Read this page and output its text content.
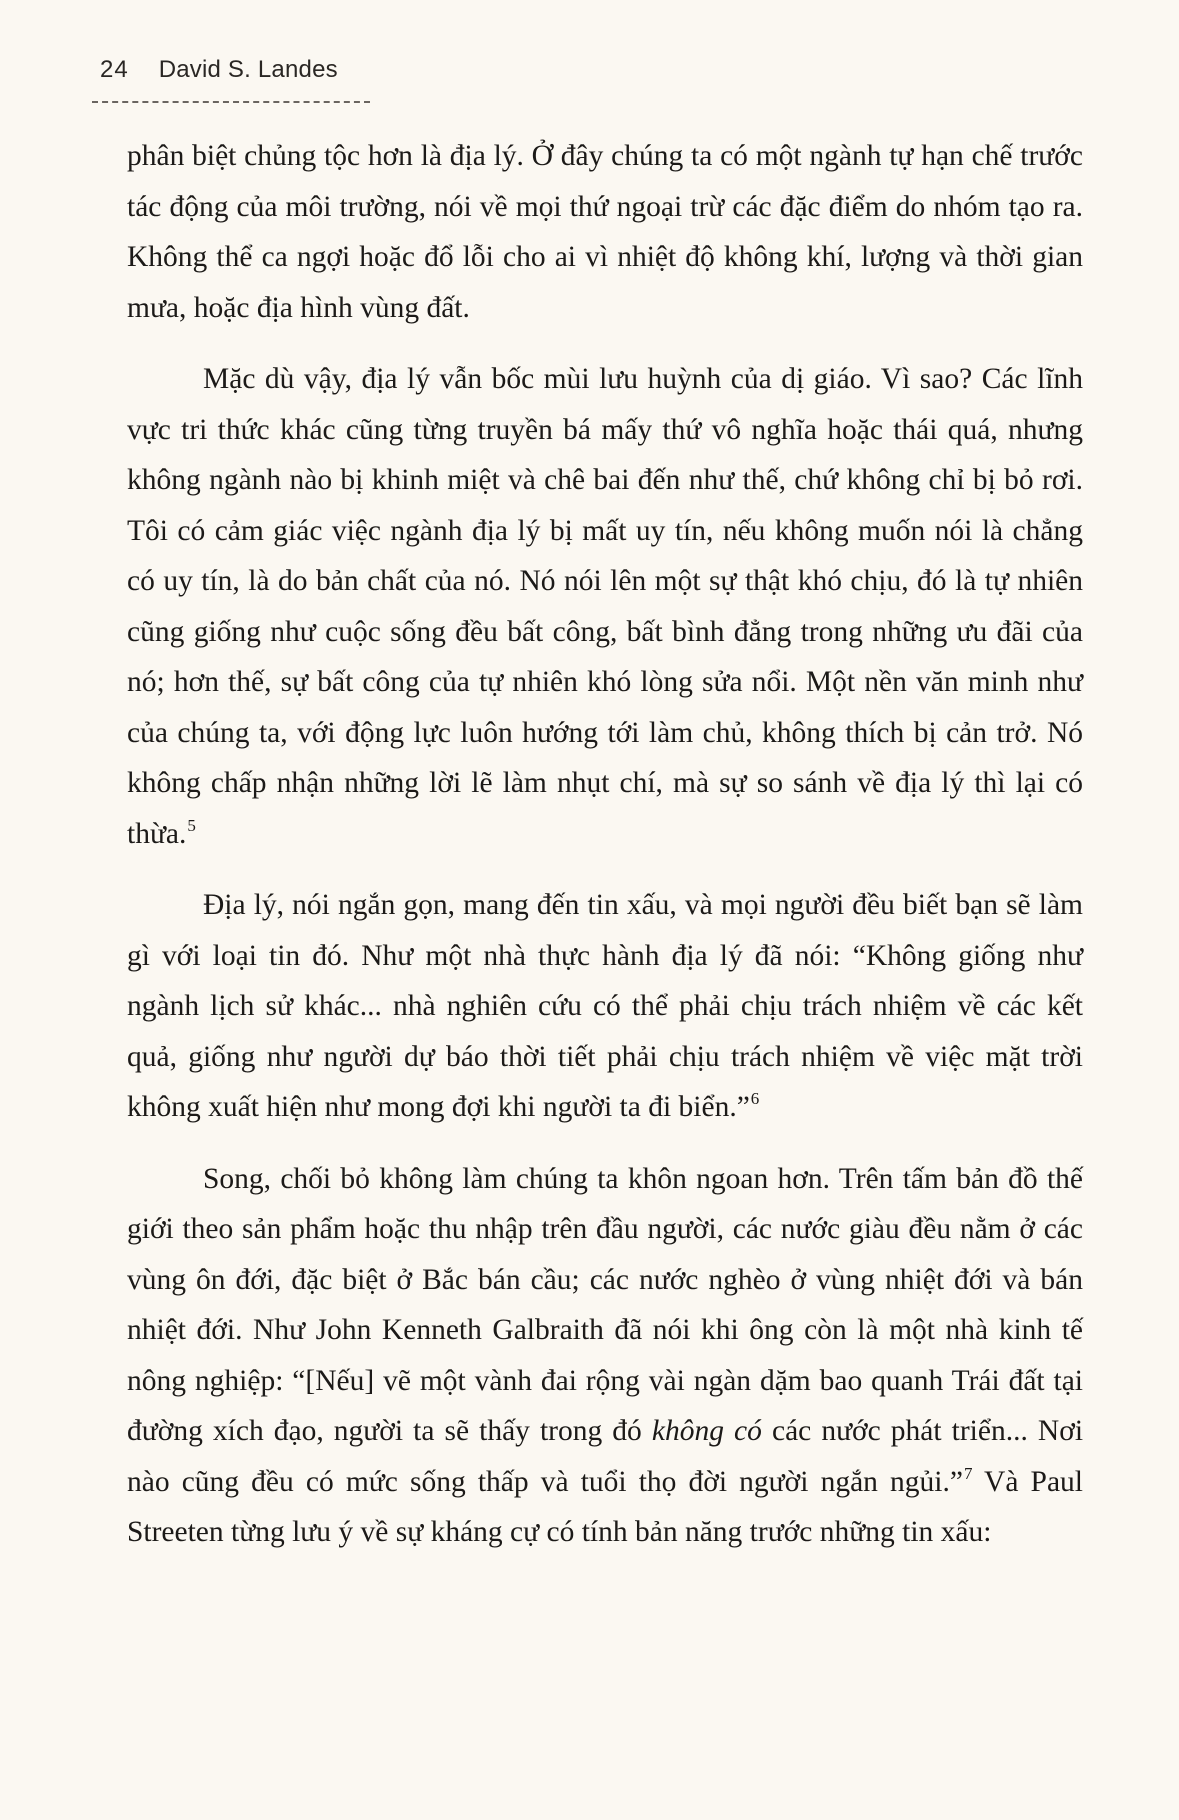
24 David S. Landes

phân biệt chủng tộc hơn là địa lý. Ở đây chúng ta có một ngành tự hạn chế trước tác động của môi trường, nói về mọi thứ ngoại trừ các đặc điểm do nhóm tạo ra. Không thể ca ngợi hoặc đổ lỗi cho ai vì nhiệt độ không khí, lượng và thời gian mưa, hoặc địa hình vùng đất.

Mặc dù vậy, địa lý vẫn bốc mùi lưu huỳnh của dị giáo. Vì sao? Các lĩnh vực tri thức khác cũng từng truyền bá mấy thứ vô nghĩa hoặc thái quá, nhưng không ngành nào bị khinh miệt và chê bai đến như thế, chứ không chỉ bị bỏ rơi. Tôi có cảm giác việc ngành địa lý bị mất uy tín, nếu không muốn nói là chẳng có uy tín, là do bản chất của nó. Nó nói lên một sự thật khó chịu, đó là tự nhiên cũng giống như cuộc sống đều bất công, bất bình đẳng trong những ưu đãi của nó; hơn thế, sự bất công của tự nhiên khó lòng sửa nổi. Một nền văn minh như của chúng ta, với động lực luôn hướng tới làm chủ, không thích bị cản trở. Nó không chấp nhận những lời lẽ làm nhụt chí, mà sự so sánh về địa lý thì lại có thừa.$^5$

Địa lý, nói ngắn gọn, mang đến tin xấu, và mọi người đều biết bạn sẽ làm gì với loại tin đó. Như một nhà thực hành địa lý đã nói: “Không giống như ngành lịch sử khác... nhà nghiên cứu có thể phải chịu trách nhiệm về các kết quả, giống như người dự báo thời tiết phải chịu trách nhiệm về việc mặt trời không xuất hiện như mong đợi khi người ta đi biển.”$^6$

Song, chối bỏ không làm chúng ta khôn ngoan hơn. Trên tấm bản đồ thế giới theo sản phẩm hoặc thu nhập trên đầu người, các nước giàu đều nằm ở các vùng ôn đới, đặc biệt ở Bắc bán cầu; các nước nghèo ở vùng nhiệt đới và bán nhiệt đới. Như John Kenneth Galbraith đã nói khi ông còn là một nhà kinh tế nông nghiệp: “[Nếu] vẽ một vành đai rộng vài ngàn dặm bao quanh Trái đất tại đường xích đạo, người ta sẽ thấy trong đó không có các nước phát triển... Nơi nào cũng đều có mức sống thấp và tuổi thọ đời người ngắn ngủi.”$^7$ Và Paul Streeten từng lưu ý về sự kháng cự có tính bản năng trước những tin xấu:
